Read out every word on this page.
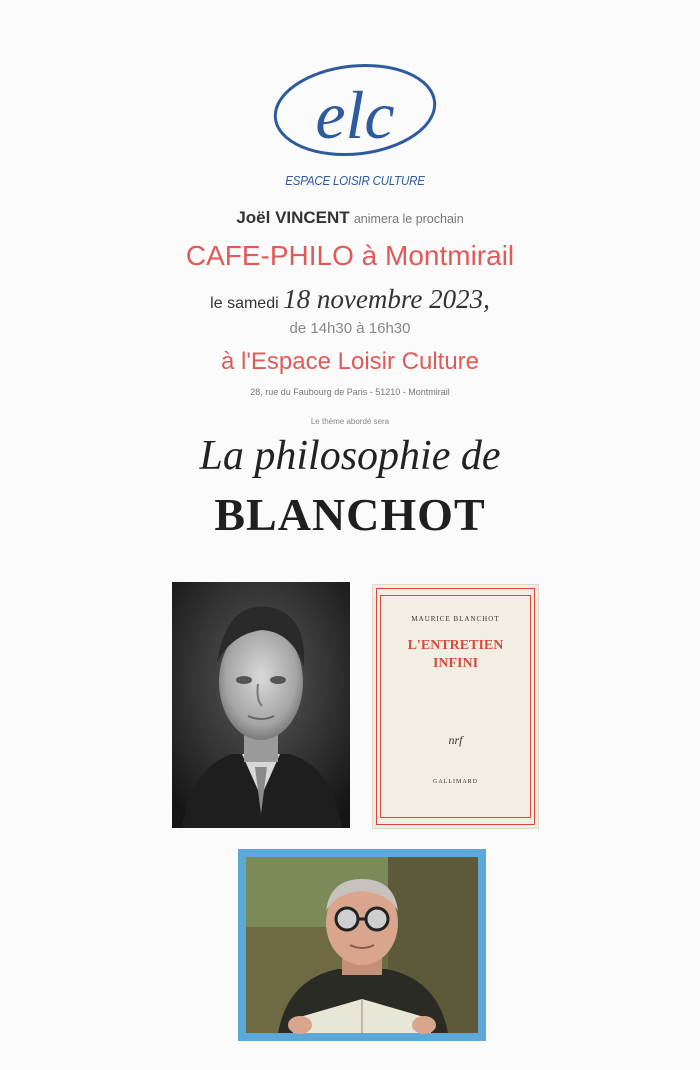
elc
ESPACE LOISIR CULTURE
Joël VINCENT animera le prochain
CAFE-PHILO à Montmirail
le samedi 18 novembre 2023,
de 14h30 à 16h30
à l'Espace Loisir Culture
28, rue du Faubourg de Paris - 51210 - Montmirail
Le thème abordé sera
La philosophie de
BLANCHOT
MAURICE BLANCHOT
L'ENTRETIEN
INFINI
nrf
GALLIMARD
